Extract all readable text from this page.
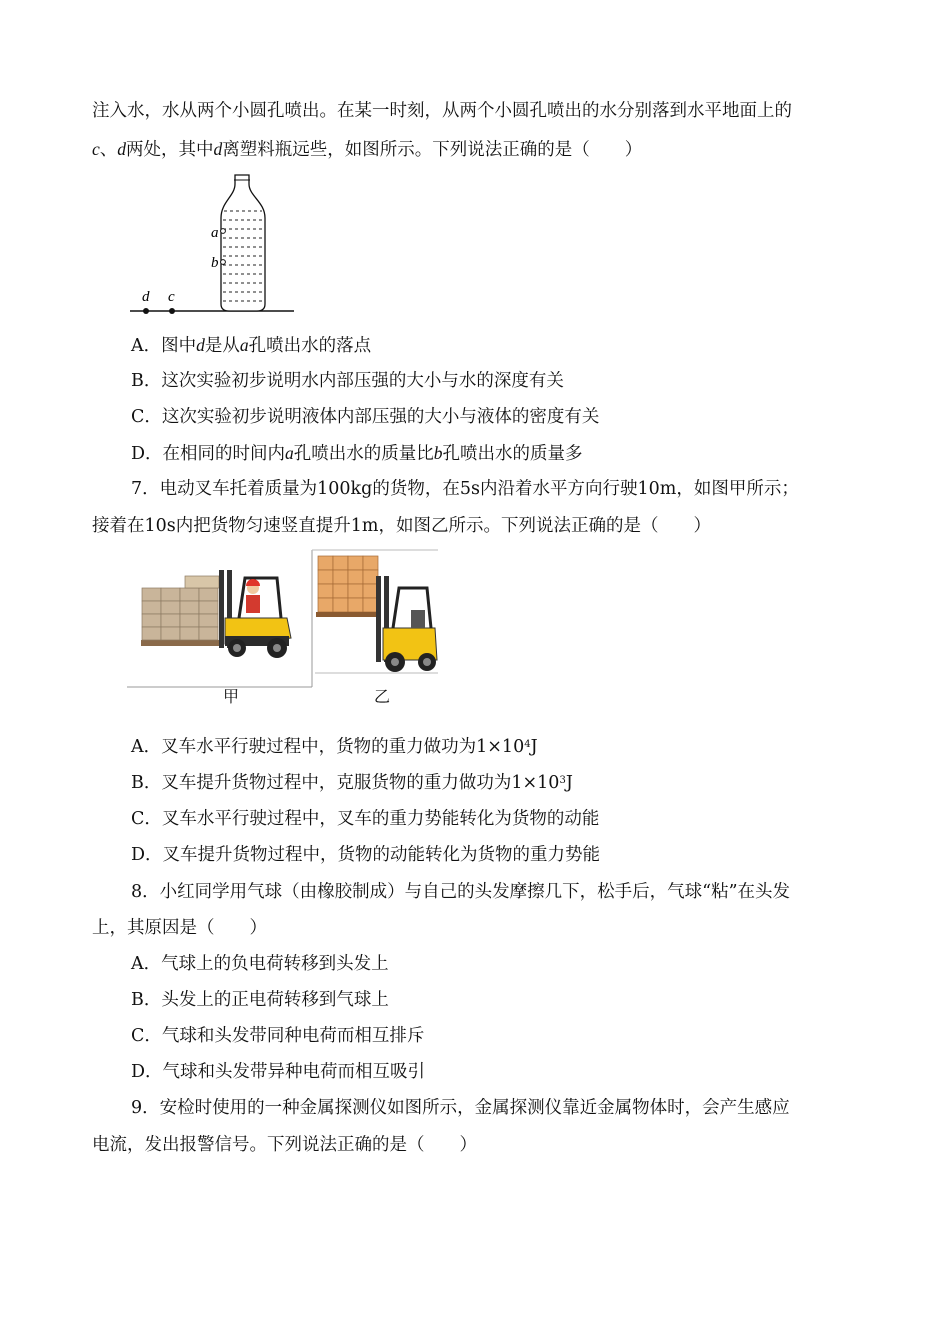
注入水，水从两个小圆孔喷出。在某一时刻，从两个小圆孔喷出的水分别落到水平地面上的
c、d两处，其中d离塑料瓶远些，如图所示。下列说法正确的是（　　）
a
b
d c
A．图中d是从a孔喷出水的落点
B．这次实验初步说明水内部压强的大小与水的深度有关
C．这次实验初步说明液体内部压强的大小与液体的密度有关
D．在相同的时间内a孔喷出水的质量比b孔喷出水的质量多
7．电动叉车托着质量为100kg的货物，在5s内沿着水平方向行驶10m，如图甲所示；
接着在10s内把货物匀速竖直提升1m，如图乙所示。下列说法正确的是（　　）
甲	乙
A．叉车水平行驶过程中，货物的重力做功为$1\times 10^4J$
B．叉车提升货物过程中，克服货物的重力做功为$1\times 10^3J$
C．叉车水平行驶过程中，叉车的重力势能转化为货物的动能
D．叉车提升货物过程中，货物的动能转化为货物的重力势能
8．小红同学用气球（由橡胶制成）与自己的头发摩擦几下，松手后，气球“粘”在头发
上，其原因是（　　）
A．气球上的负电荷转移到头发上
B．头发上的正电荷转移到气球上
C．气球和头发带同种电荷而相互排斥
D．气球和头发带异种电荷而相互吸引
9．安检时使用的一种金属探测仪如图所示，金属探测仪靠近金属物体时，会产生感应
电流，发出报警信号。下列说法正确的是（　　）
